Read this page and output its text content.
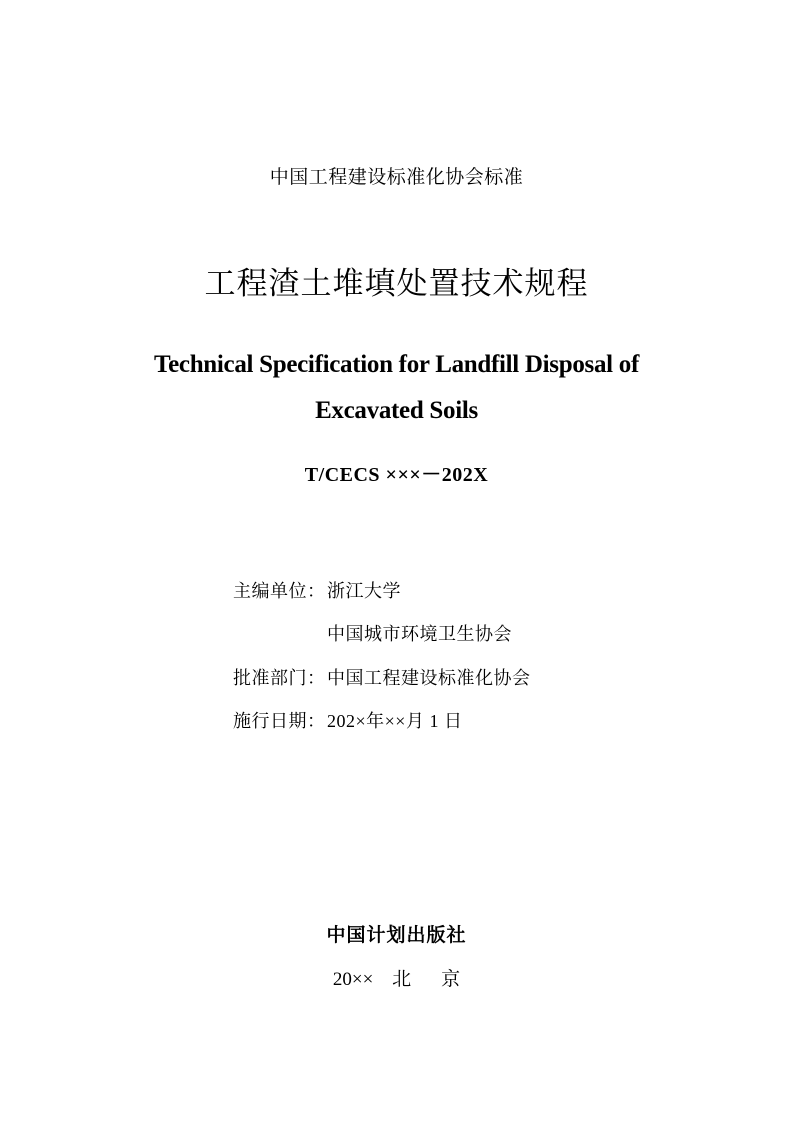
中国工程建设标准化协会标准
工程渣土堆填处置技术规程
Technical Specification for Landfill Disposal of
Excavated Soils
T/CECS ×××－202X
主编单位： 浙江大学
中国城市环境卫生协会
批准部门： 中国工程建设标准化协会
施行日期： 202×年××月 1 日
中国计划出版社
20×× 北京
